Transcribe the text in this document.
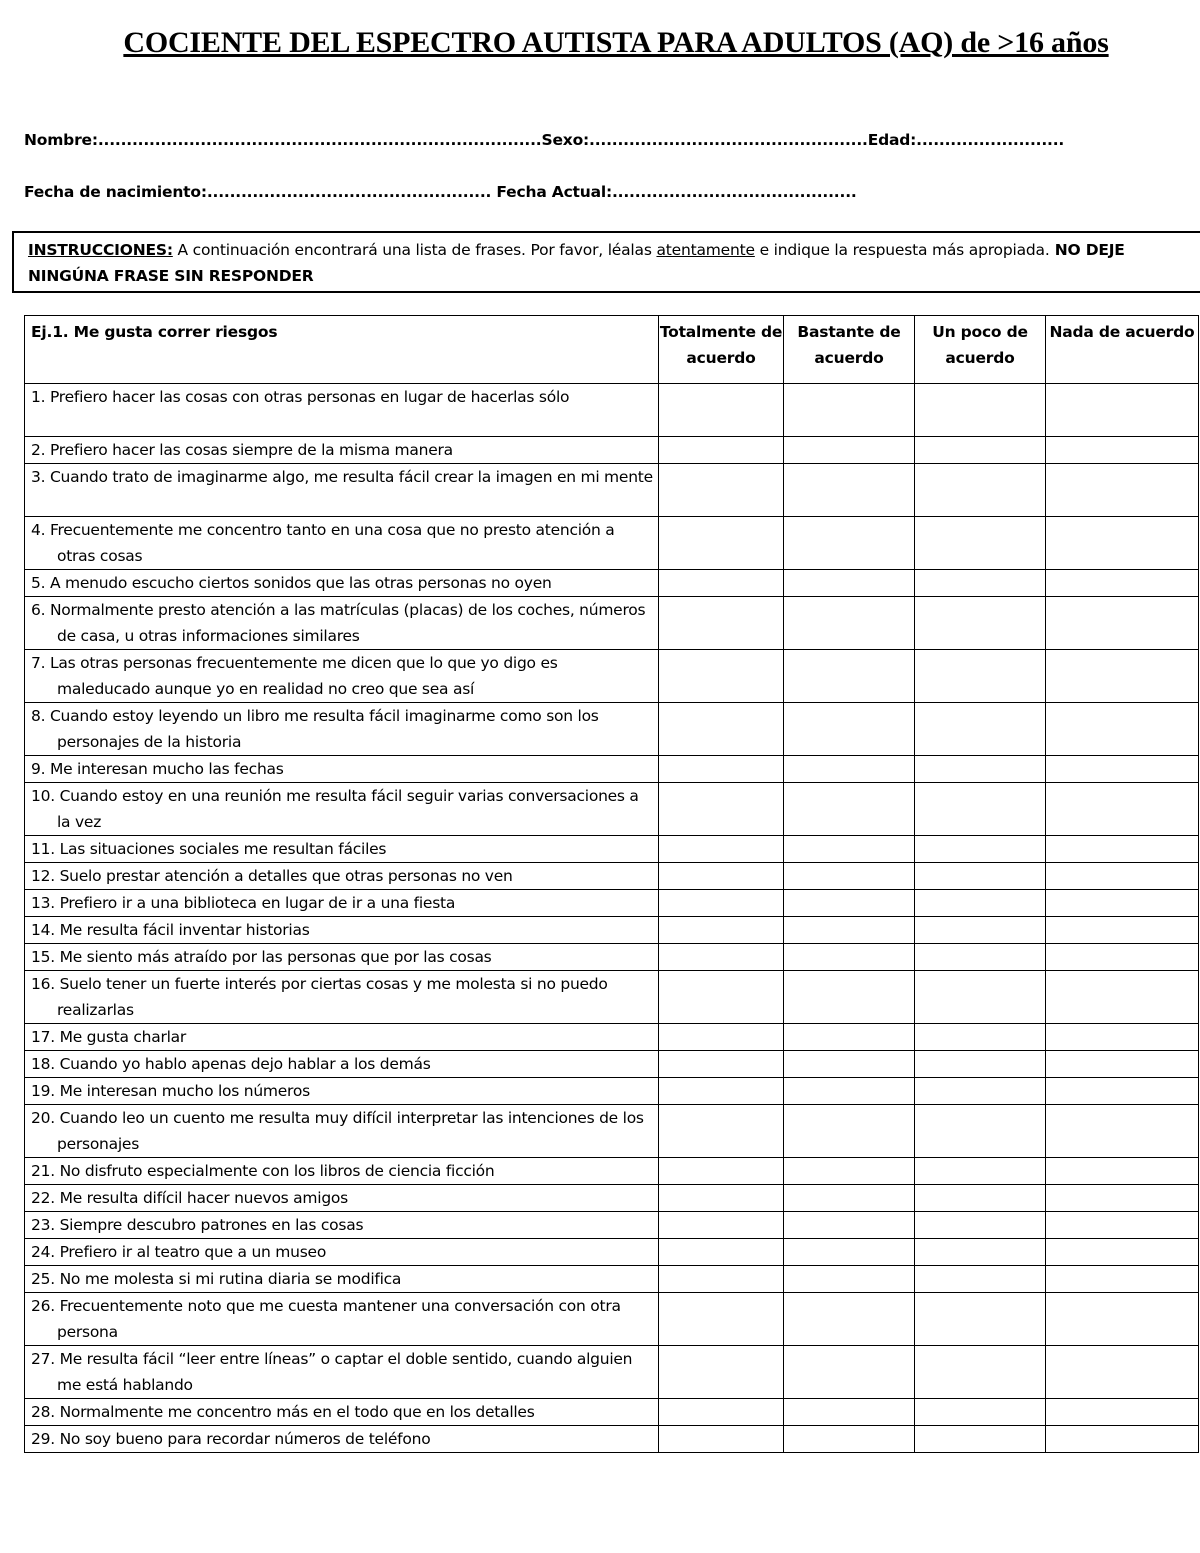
COCIENTE DEL ESPECTRO AUTISTA PARA ADULTOS (AQ) de >16 años
Nombre:..............................................................................Sexo:.................................................Edad:..........................
Fecha de nacimiento:.................................................. Fecha Actual:...........................................
INSTRUCCIONES: A continuación encontrará una lista de frases. Por favor, léalas atentamente e indique la respuesta más apropiada. NO DEJE NINGÚNA FRASE SIN RESPONDER
Ej.1. Me gusta correr riesgos	Totalmente de acuerdo	Bastante de acuerdo	Un poco de acuerdo	Nada de acuerdo

1. Prefiero hacer las cosas con otras personas en lugar de hacerlas sólo				

2. Prefiero hacer las cosas siempre de la misma manera				

3. Cuando trato de imaginarme algo, me resulta fácil crear la imagen en mi mente				

4. Frecuentemente me concentro tanto en una cosa que no presto atención a otras cosas				

5. A menudo escucho ciertos sonidos que las otras personas no oyen				

6. Normalmente presto atención a las matrículas (placas) de los coches, números de casa, u otras informaciones similares				

7. Las otras personas frecuentemente me dicen que lo que yo digo es maleducado aunque yo en realidad no creo que sea así				

8. Cuando estoy leyendo un libro me resulta fácil imaginarme como son los personajes de la historia				

9. Me interesan mucho las fechas				

10. Cuando estoy en una reunión me resulta fácil seguir varias conversaciones a la vez				

11. Las situaciones sociales me resultan fáciles				

12. Suelo prestar atención a detalles que otras personas no ven				

13. Prefiero ir a una biblioteca en lugar de ir a una fiesta				

14. Me resulta fácil inventar historias				

15. Me siento más atraído por las personas que por las cosas				

16. Suelo tener un fuerte interés por ciertas cosas y me molesta si no puedo realizarlas				

17. Me gusta charlar				

18. Cuando yo hablo apenas dejo hablar a los demás				

19. Me interesan mucho los números				

20. Cuando leo un cuento me resulta muy difícil interpretar las intenciones de los personajes				

21. No disfruto especialmente con los libros de ciencia ficción				

22. Me resulta difícil hacer nuevos amigos				

23. Siempre descubro patrones en las cosas				

24. Prefiero ir al teatro que a un museo				

25. No me molesta si mi rutina diaria se modifica				

26. Frecuentemente noto que me cuesta mantener una conversación con otra persona				

27. Me resulta fácil “leer entre líneas” o captar el doble sentido, cuando alguien me está hablando				

28. Normalmente me concentro más en el todo que en los detalles				

29. No soy bueno para recordar números de teléfono				
